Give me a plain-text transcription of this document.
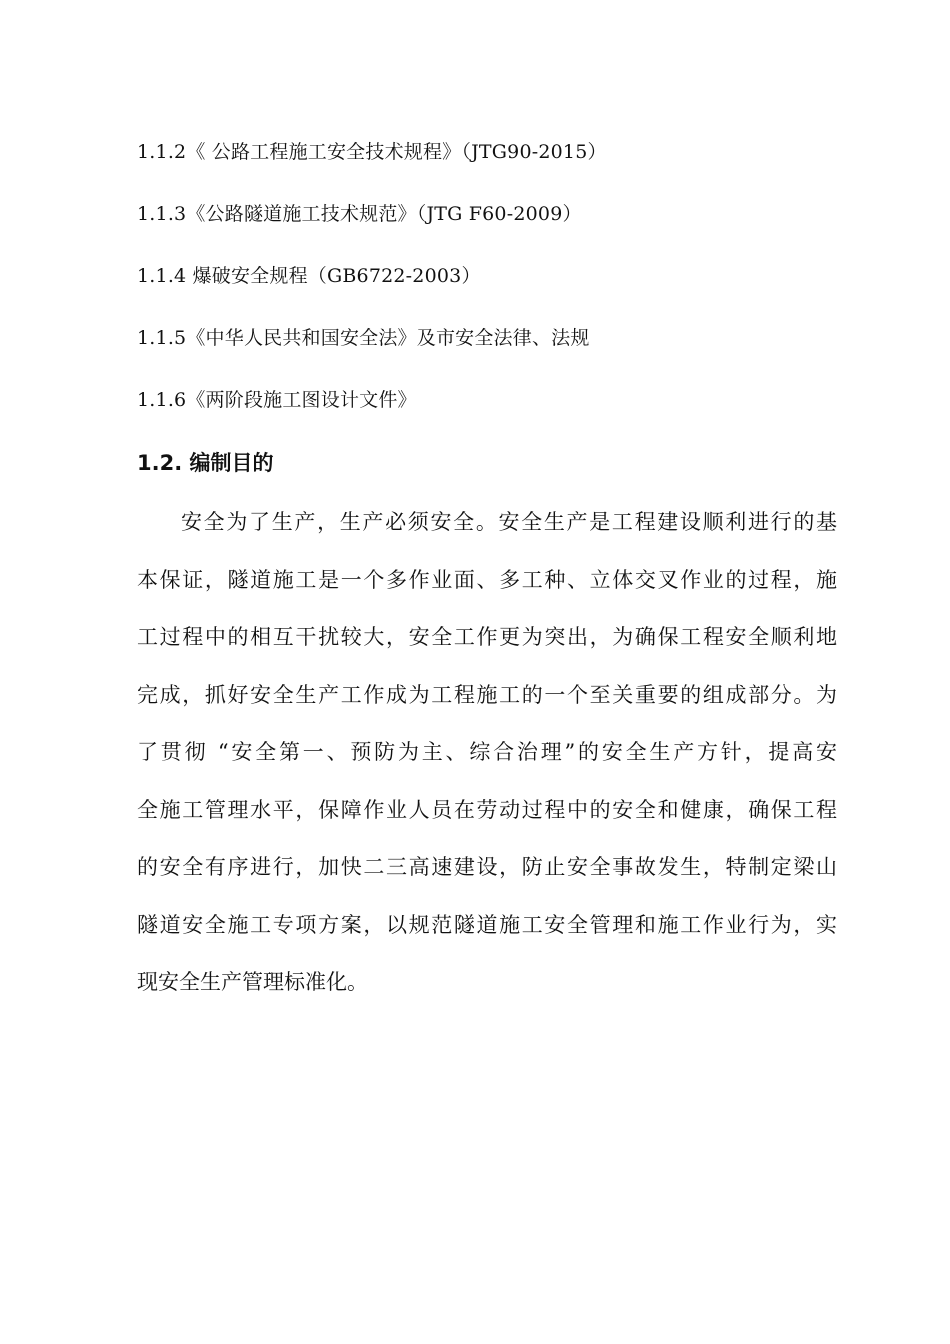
1.1.2《 公路工程施工安全技术规程》（JTG90-2015）
1.1.3《公路隧道施工技术规范》（JTG F60-2009）
1.1.4 爆破安全规程（GB6722-2003）
1.1.5《中华人民共和国安全法》及市安全法律、法规
1.1.6《两阶段施工图设计文件》
1.2. 编制目的
安全为了生产，生产必须安全。安全生产是工程建设顺利进行的基
本保证，隧道施工是一个多作业面、多工种、立体交叉作业的过程，施
工过程中的相互干扰较大，安全工作更为突出，为确保工程安全顺利地
完成，抓好安全生产工作成为工程施工的一个至关重要的组成部分。为
了贯彻 “安全第一、预防为主、综合治理”的安全生产方针，提高安
全施工管理水平，保障作业人员在劳动过程中的安全和健康，确保工程
的安全有序进行，加快二三高速建设，防止安全事故发生，特制定梁山
隧道安全施工专项方案，以规范隧道施工安全管理和施工作业行为，实
现安全生产管理标准化。
